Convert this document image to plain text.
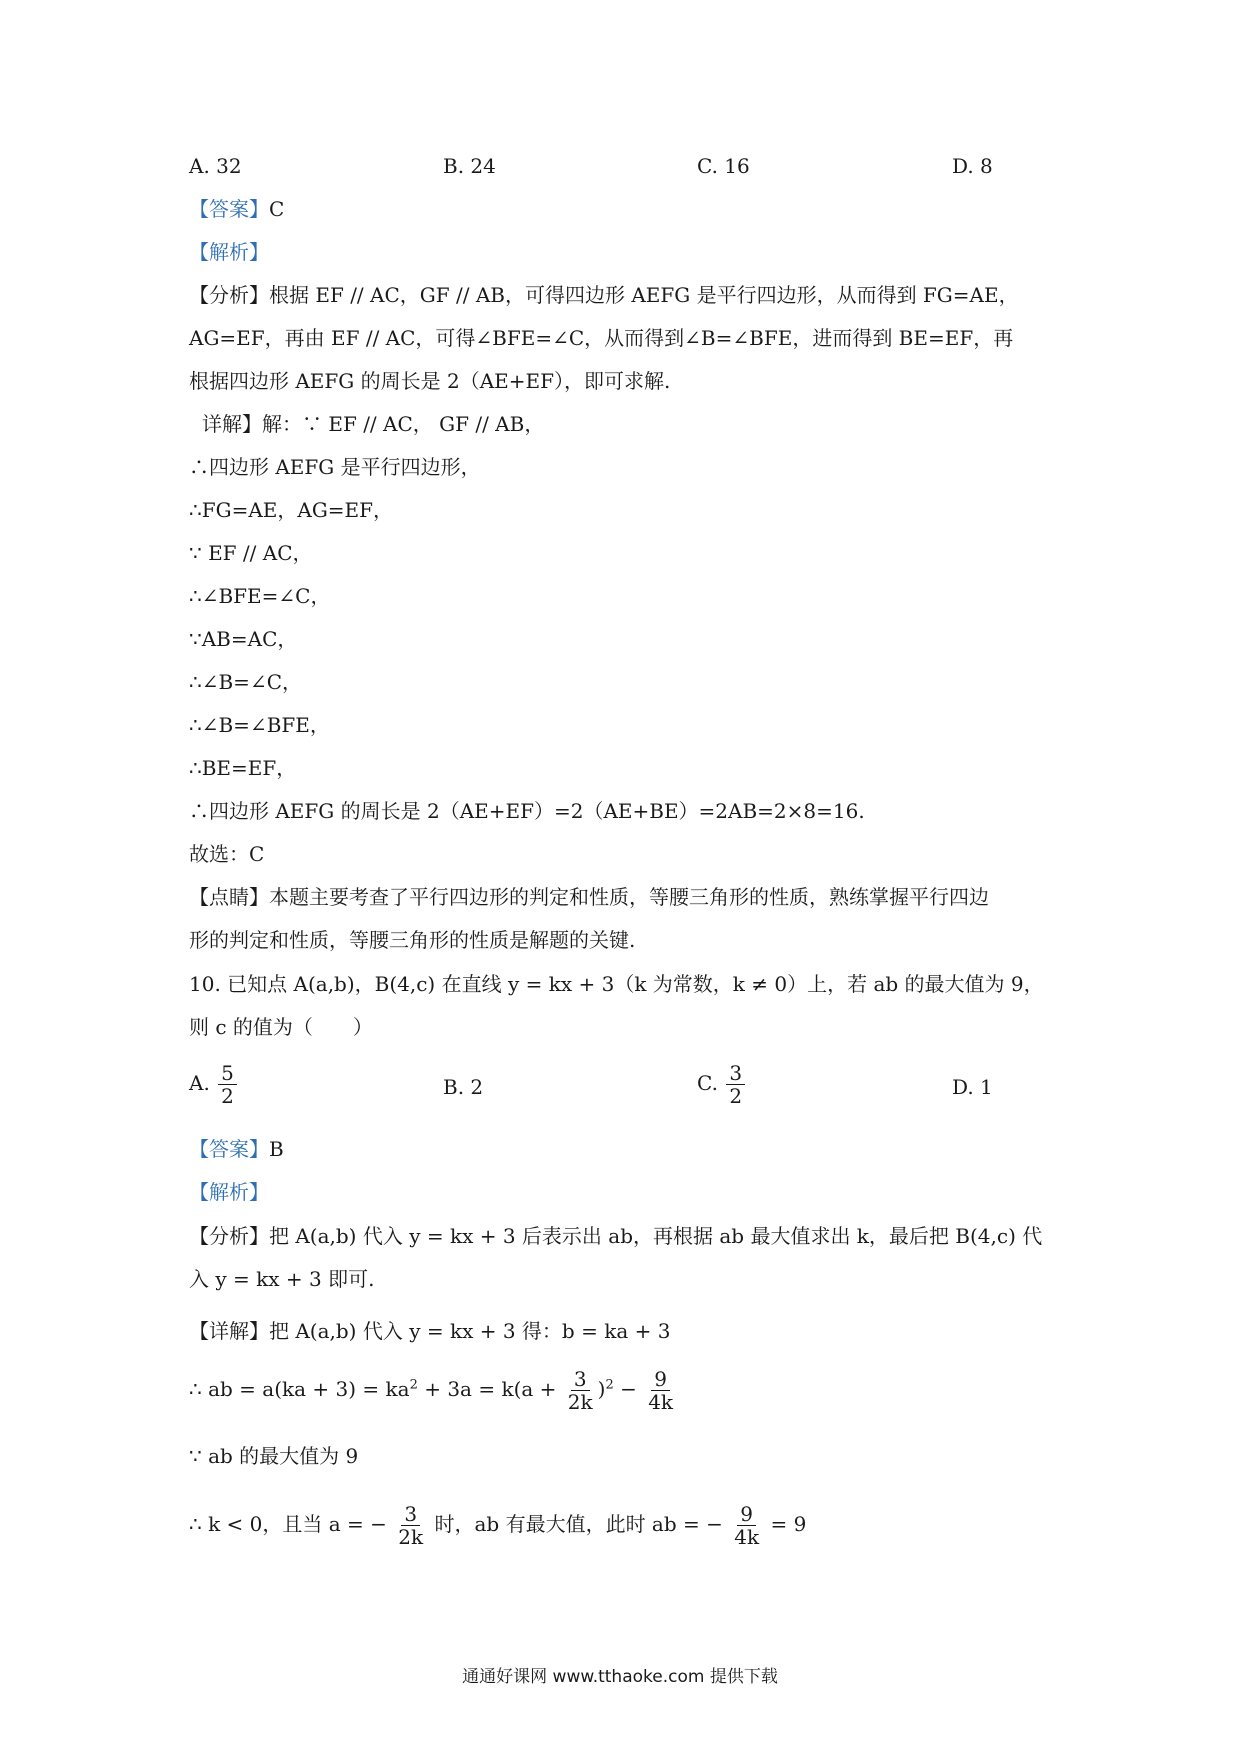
A. 32	B. 24	C. 16	D. 8
【答案】C
【解析】
【分析】根据 EF // AC，GF // AB，可得四边形 AEFG 是平行四边形，从而得到 FG=AE，
AG=EF，再由 EF // AC，可得∠BFE=∠C，从而得到∠B=∠BFE，进而得到 BE=EF，再
根据四边形 AEFG 的周长是 2（AE+EF），即可求解.
详解】解：∵ EF // AC， GF // AB，
∴四边形 AEFG 是平行四边形，
∴FG=AE，AG=EF，
∵ EF // AC，
∴∠BFE=∠C，
∵AB=AC，
∴∠B=∠C，
∴∠B=∠BFE，
∴BE=EF，
∴四边形 AEFG 的周长是 2（AE+EF）=2（AE+BE）=2AB=2×8=16.
故选：C
【点睛】本题主要考查了平行四边形的判定和性质，等腰三角形的性质，熟练掌握平行四边
形的判定和性质，等腰三角形的性质是解题的关键.
10. 已知点 A(a,b)，B(4,c) 在直线 y = kx + 3（k 为常数，k ≠ 0）上，若 ab 的最大值为 9，
则 c 的值为（　　）
A. $\frac{5}{2}$	B. 2	C. $\frac{3}{2}$	D. 1
【答案】B
【解析】
【分析】把 A(a,b) 代入 y = kx + 3 后表示出 ab，再根据 ab 最大值求出 k，最后把 B(4,c) 代
入 y = kx + 3 即可.
【详解】把 A(a,b) 代入 y = kx + 3 得：b = ka + 3
∴ ab = $a(ka + 3) = ka^2 + 3a = k(a + \frac{3}{2k} )^2 - \frac{9}{4k}$
∵ ab 的最大值为 9
∴ k < 0，且当 a = − $\frac{3}{2k}$ 时，ab 有最大值，此时 ab = − $\frac{9}{4k} = 9$
通通好课网 www.tthaoke.com 提供下载
